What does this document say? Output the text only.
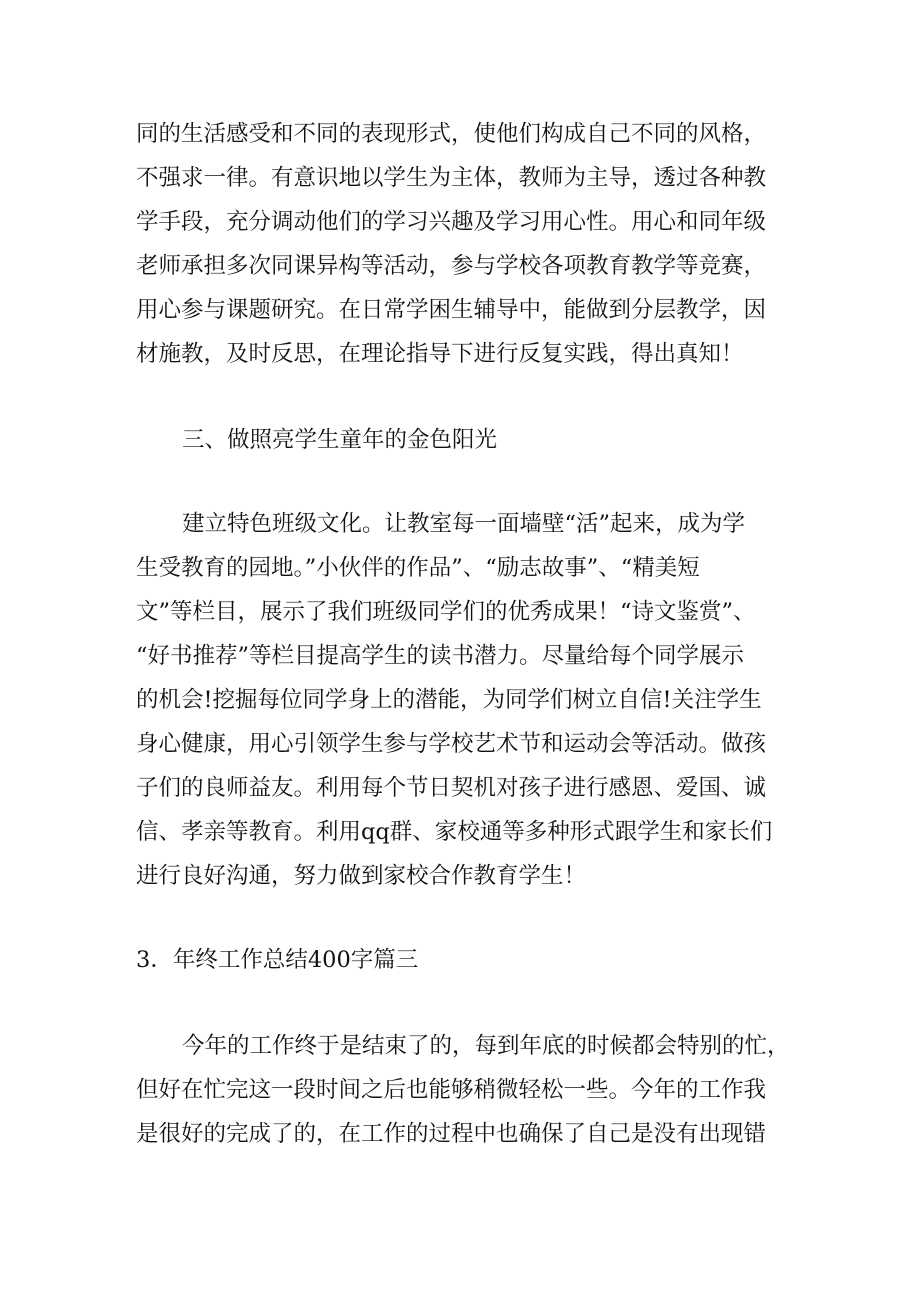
同的生活感受和不同的表现形式，使他们构成自己不同的风格，
不强求一律。有意识地以学生为主体，教师为主导，透过各种教
学手段，充分调动他们的学习兴趣及学习用心性。用心和同年级
老师承担多次同课异构等活动，参与学校各项教育教学等竞赛，
用心参与课题研究。在日常学困生辅导中，能做到分层教学，因
材施教，及时反思，在理论指导下进行反复实践，得出真知！
三、做照亮学生童年的金色阳光
建立特色班级文化。让教室每一面墙壁“活”起来，成为学
生受教育的园地。”小伙伴的作品”、“励志故事”、“精美短
文”等栏目，展示了我们班级同学们的优秀成果！“诗文鉴赏”、
“好书推荐”等栏目提高学生的读书潜力。尽量给每个同学展示
的机会!挖掘每位同学身上的潜能，为同学们树立自信!关注学生
身心健康，用心引领学生参与学校艺术节和运动会等活动。做孩
子们的良师益友。利用每个节日契机对孩子进行感恩、爱国、诚
信、孝亲等教育。利用qq群、家校通等多种形式跟学生和家长们
进行良好沟通，努力做到家校合作教育学生！
3．年终工作总结400字篇三
今年的工作终于是结束了的，每到年底的时候都会特别的忙，
但好在忙完这一段时间之后也能够稍微轻松一些。今年的工作我
是很好的完成了的，在工作的过程中也确保了自己是没有出现错
